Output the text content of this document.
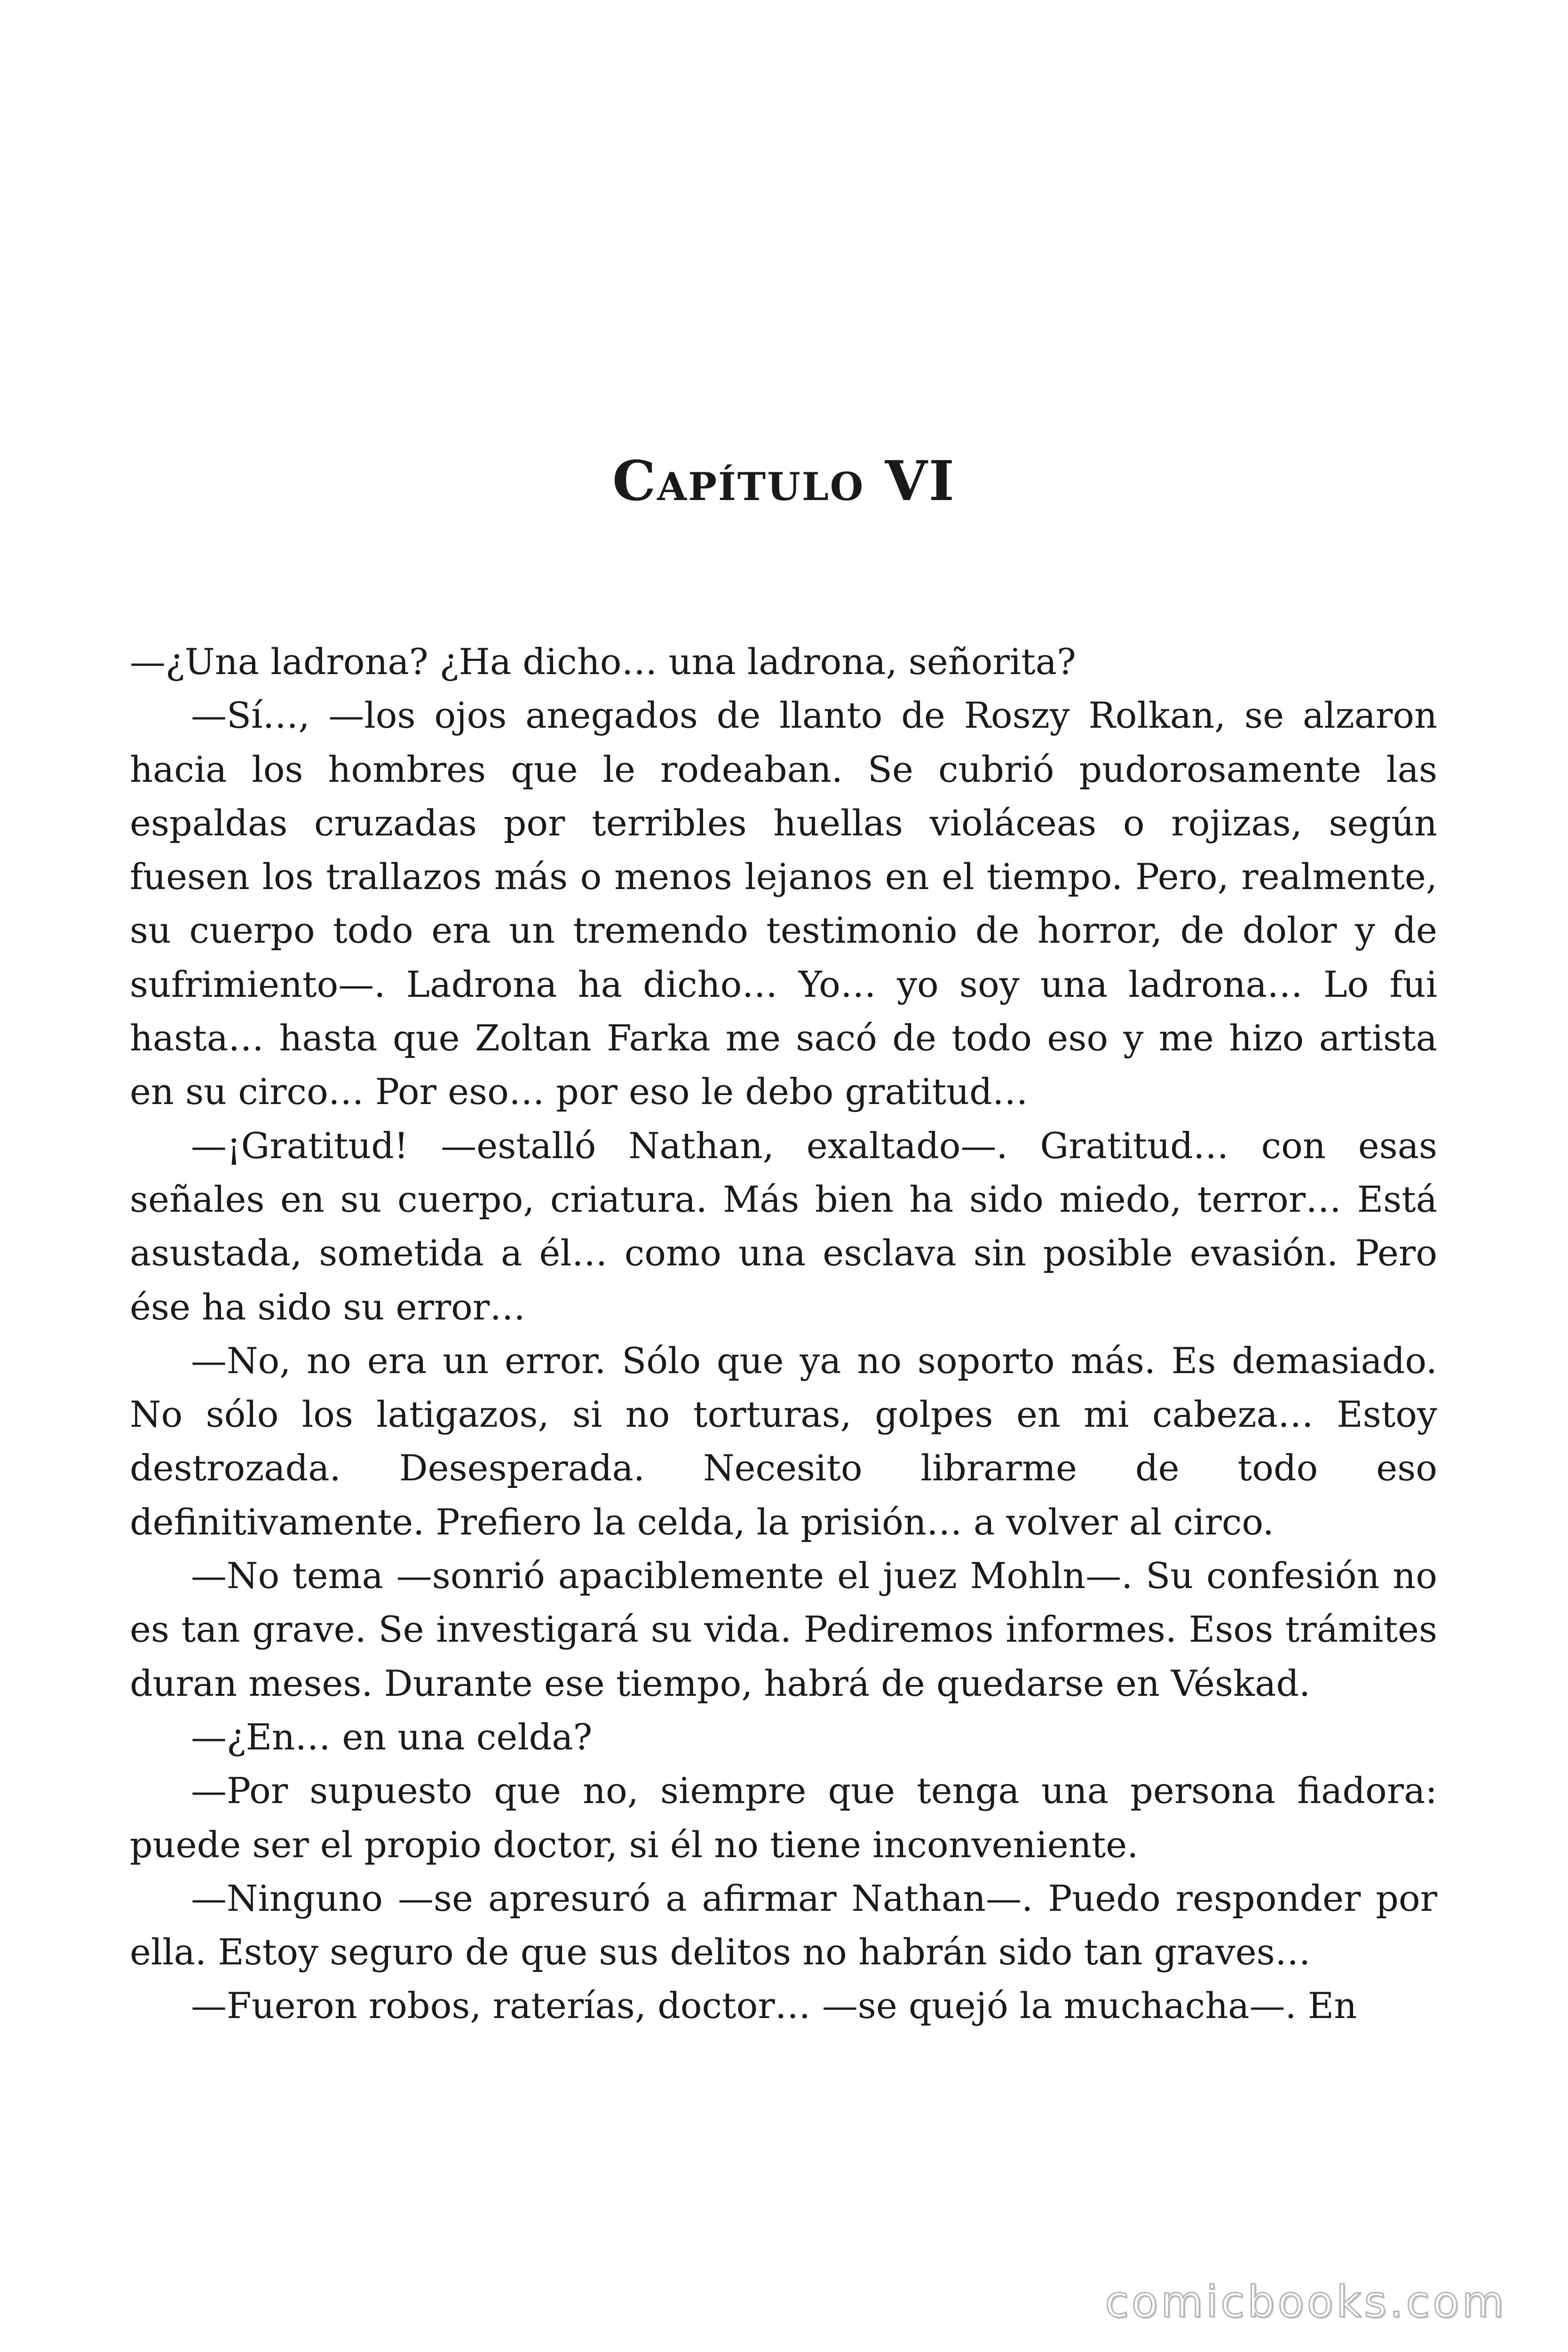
Capítulo VI

—¿Una ladrona? ¿Ha dicho… una ladrona, señorita?

—Sí…, —los ojos anegados de llanto de Roszy Rolkan, se alzaron hacia los hombres que le rodeaban. Se cubrió pudorosamente las espaldas cruzadas por terribles huellas violáceas o rojizas, según fuesen los trallazos más o menos lejanos en el tiempo. Pero, realmente, su cuerpo todo era un tremendo testimonio de horror, de dolor y de sufrimiento—. Ladrona ha dicho… Yo… yo soy una ladrona… Lo fui hasta… hasta que Zoltan Farka me sacó de todo eso y me hizo artista en su circo… Por eso… por eso le debo gratitud…

—¡Gratitud! —estalló Nathan, exaltado—. Gratitud… con esas señales en su cuerpo, criatura. Más bien ha sido miedo, terror… Está asustada, sometida a él… como una esclava sin posible evasión. Pero ése ha sido su error…

—No, no era un error. Sólo que ya no soporto más. Es demasiado. No sólo los latigazos, si no torturas, golpes en mi cabeza… Estoy destrozada. Desesperada. Necesito librarme de todo eso definitivamente. Prefiero la celda, la prisión… a volver al circo.

—No tema —sonrió apaciblemente el juez Mohln—. Su confesión no es tan grave. Se investigará su vida. Pediremos informes. Esos trámites duran meses. Durante ese tiempo, habrá de quedarse en Véskad.

—¿En… en una celda?

—Por supuesto que no, siempre que tenga una persona fiadora: puede ser el propio doctor, si él no tiene inconveniente.

—Ninguno —se apresuró a afirmar Nathan—. Puedo responder por ella. Estoy seguro de que sus delitos no habrán sido tan graves…

—Fueron robos, raterías, doctor… —se quejó la muchacha—. En

comicbooks.com
